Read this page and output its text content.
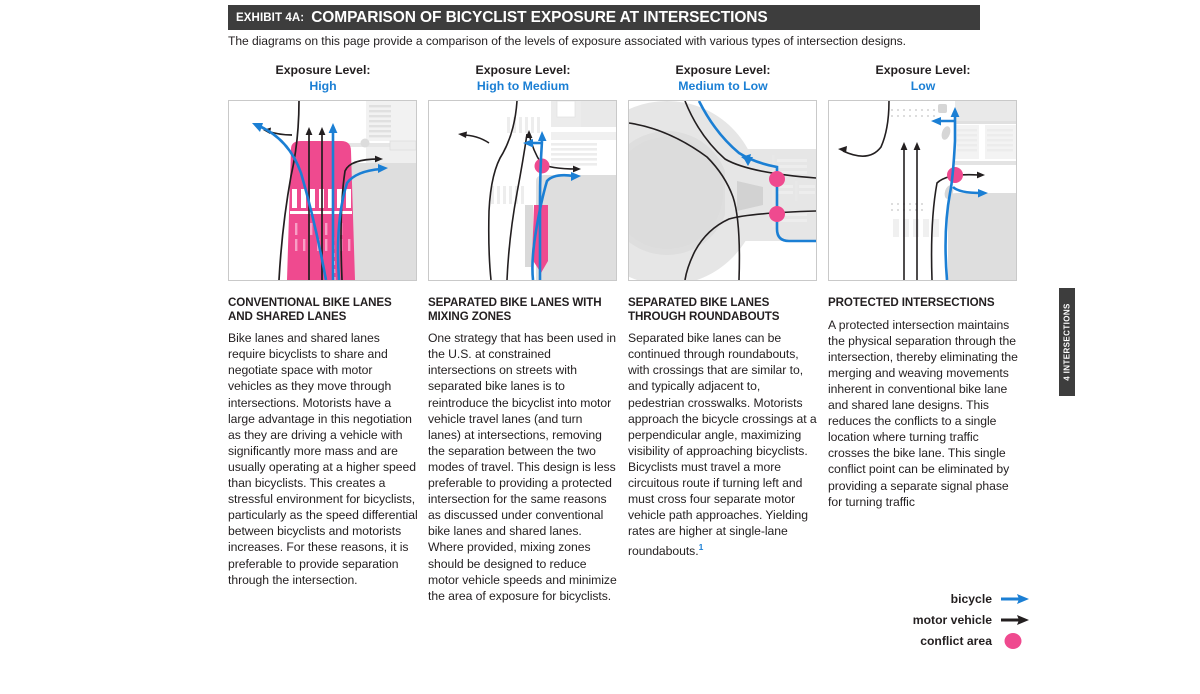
EXHIBIT 4A: COMPARISON OF BICYCLIST EXPOSURE AT INTERSECTIONS
The diagrams on this page provide a comparison of the levels of exposure associated with various types of intersection designs.
Exposure Level:
High
CONVENTIONAL BIKE LANES AND SHARED LANES
Bike lanes and shared lanes require bicyclists to share and negotiate space with motor vehicles as they move through intersections. Motorists have a large advantage in this negotiation as they are driving a vehicle with significantly more mass and are usually operating at a higher speed than bicyclists. This creates a stressful environment for bicyclists, particularly as the speed differential between bicyclists and motorists increases. For these reasons, it is preferable to provide separation through the intersection.
Exposure Level:
High to Medium
SEPARATED BIKE LANES WITH MIXING ZONES
One strategy that has been used in the U.S. at constrained intersections on streets with separated bike lanes is to reintroduce the bicyclist into motor vehicle travel lanes (and turn lanes) at intersections, removing the separation between the two modes of travel. This design is less preferable to providing a protected intersection for the same reasons as discussed under conventional bike lanes and shared lanes. Where provided, mixing zones should be designed to reduce motor vehicle speeds and minimize the area of exposure for bicyclists.
Exposure Level:
Medium to Low
SEPARATED BIKE LANES THROUGH ROUNDABOUTS
Separated bike lanes can be continued through roundabouts, with crossings that are similar to, and typically adjacent to, pedestrian crosswalks. Motorists approach the bicycle crossings at a perpendicular angle, maximizing visibility of approaching bicyclists. Bicyclists must travel a more circuitous route if turning left and must cross four separate motor vehicle path approaches. Yielding rates are higher at single-lane roundabouts.$^1$
Exposure Level:
Low
PROTECTED INTERSECTIONS
A protected intersection maintains the physical separation through the intersection, thereby eliminating the merging and weaving movements inherent in conventional bike lane and shared lane designs. This reduces the conflicts to a single location where turning traffic crosses the bike lane. This single conflict point can be eliminated by providing a separate signal phase for turning traffic
bicycle
motor vehicle
conflict area
4 INTERSECTIONS
